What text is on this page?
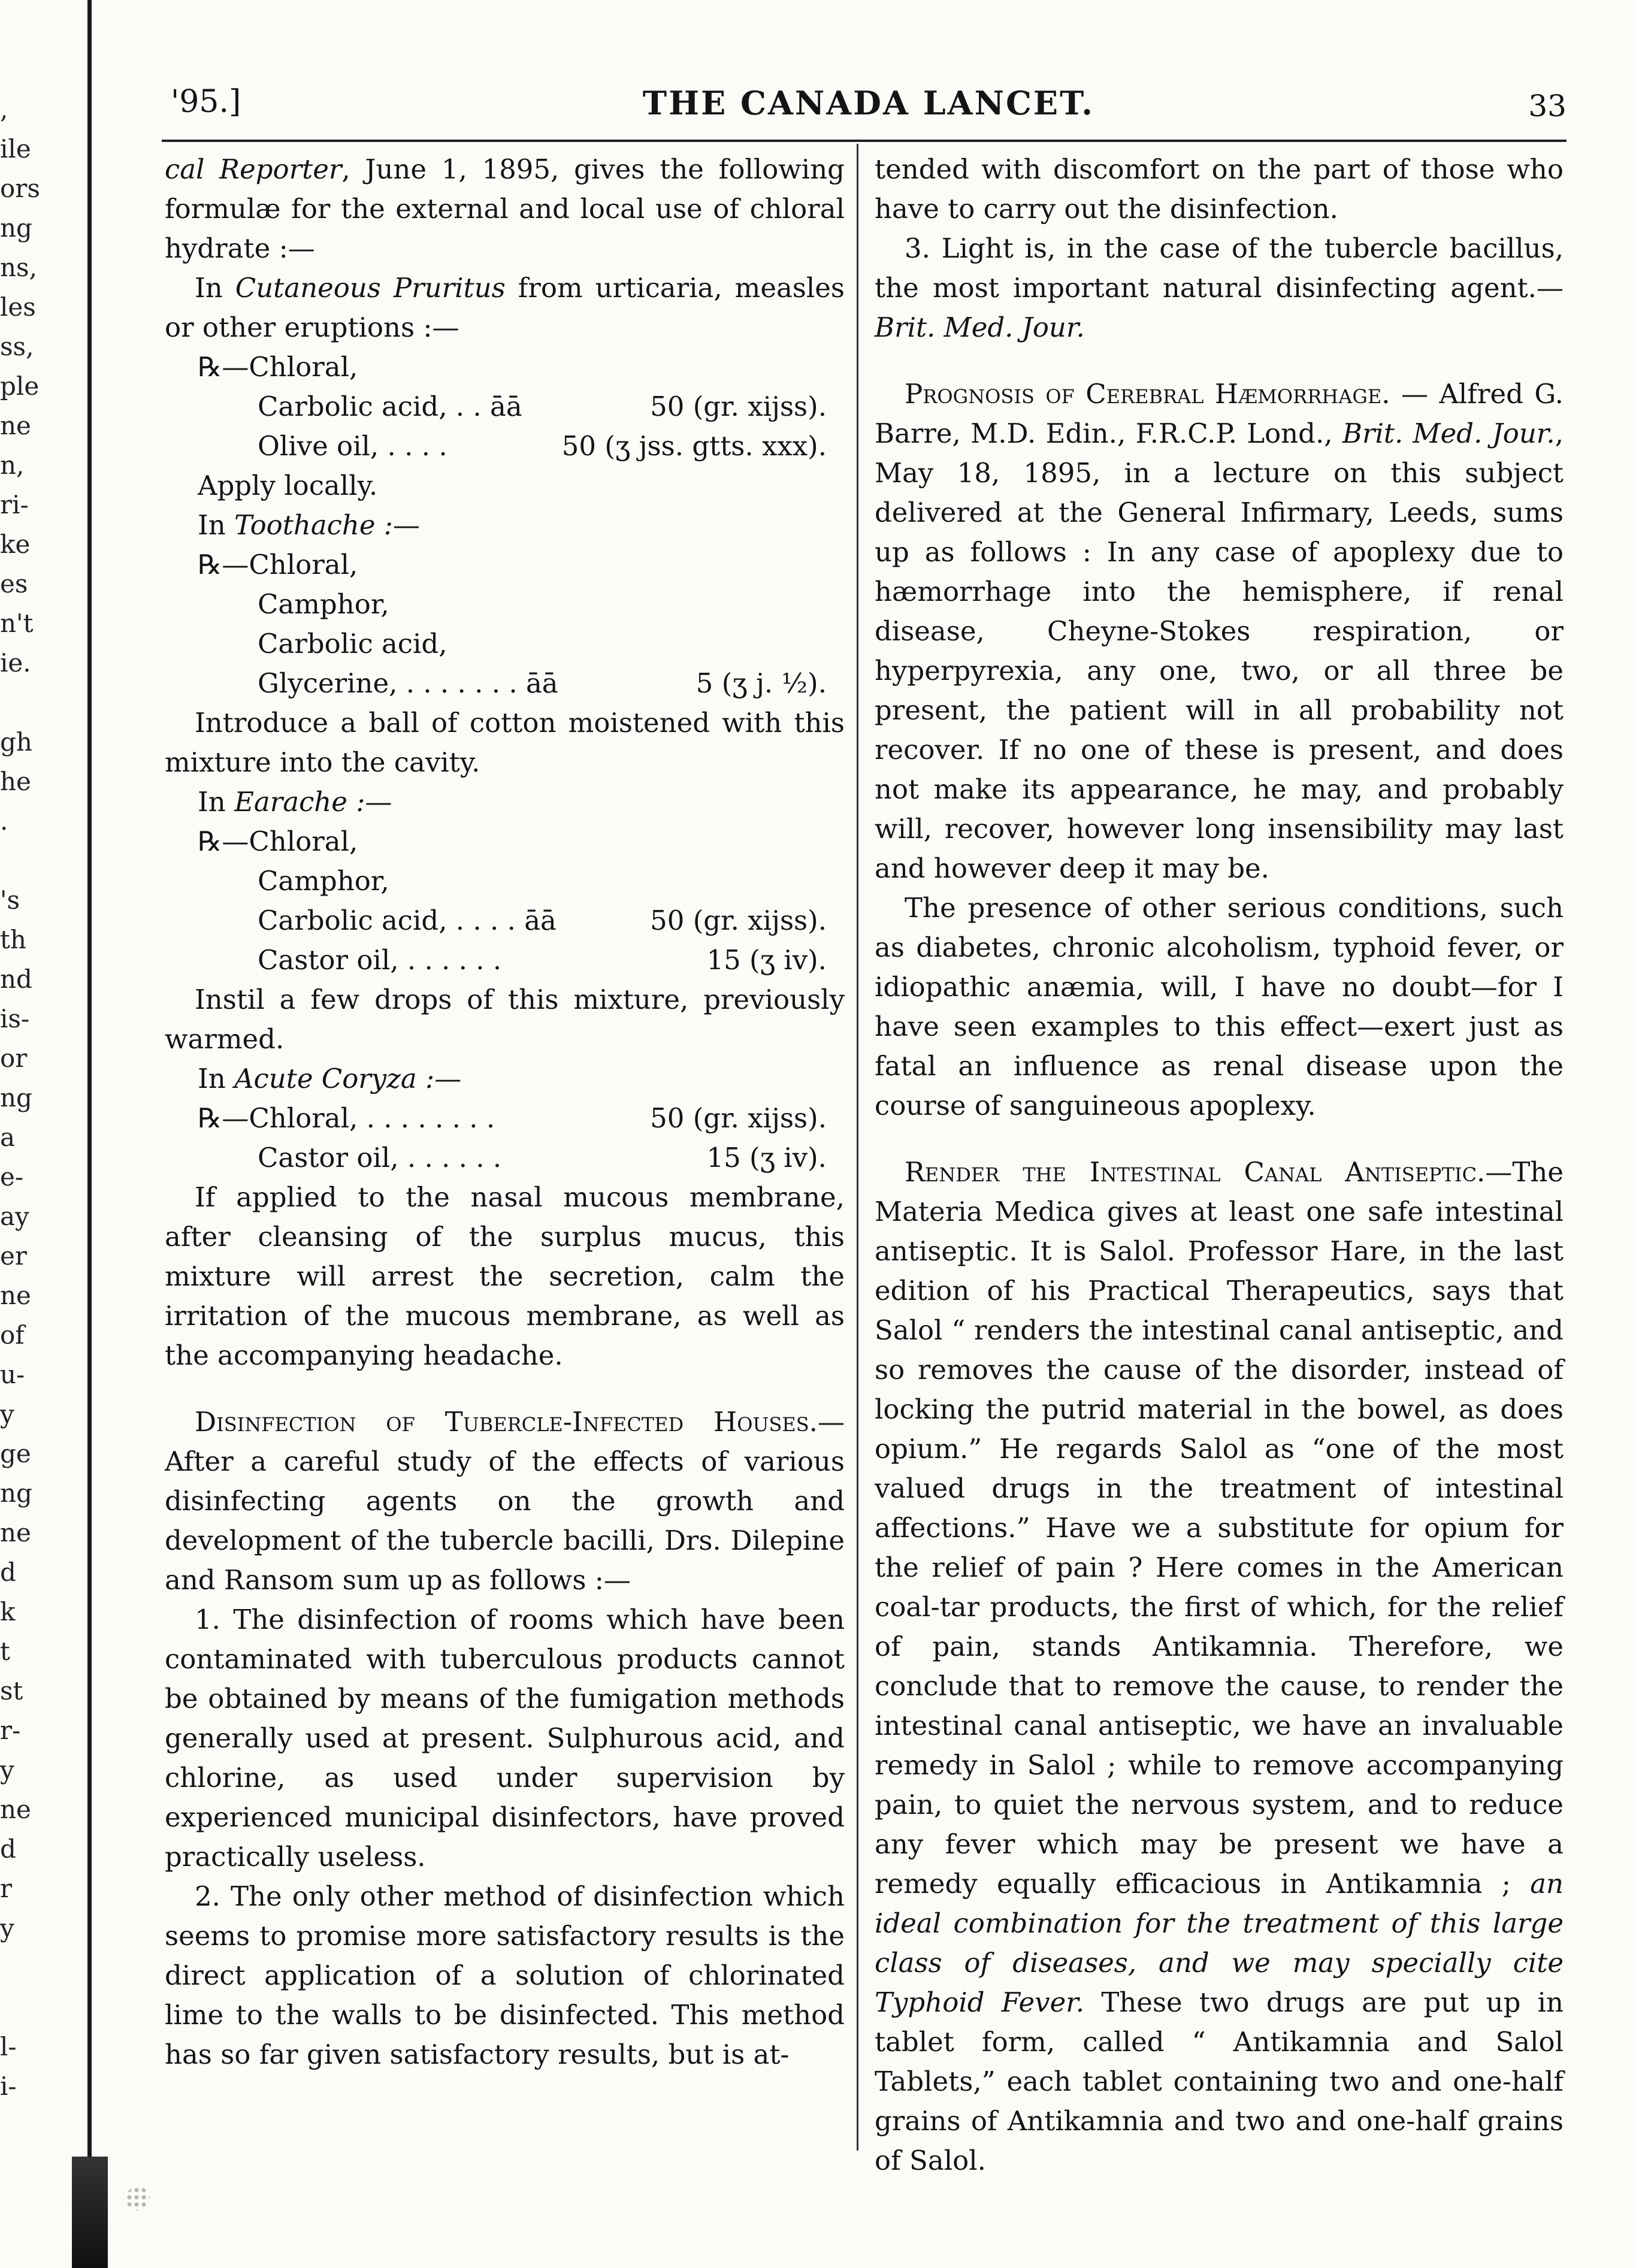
,
ile
ors
ng
ns,
les
ss,
ple
ne
n,
ri-
ke
es
n't
ie.

gh
he
.

's
th
nd
is-
or
ng
a
e-
ay
er
ne
of
u-
y
ge
ng
ne
d
k
t
st
r-
y
ne
d
r
y

l-
i-
'95.]	THE CANADA LANCET.	33

cal Reporter, June 1, 1895, gives the following formulæ for the external and local use of chloral hydrate :—

In Cutaneous Pruritus from urticaria, measles or other eruptions :—

℞—Chloral,
Carbolic acid, . . āā	50 (gr. xijss).
Olive oil, . . . .	50 (ʒ jss. gtts. xxx).

Apply locally.

In Toothache :—

℞—Chloral,
Camphor,
Carbolic acid,
Glycerine, . . . . . . . āā	5 (ʒ j. ½).

Introduce a ball of cotton moistened with this mixture into the cavity.

In Earache :—

℞—Chloral,
Camphor,
Carbolic acid, . . . . āā	50 (gr. xijss).
Castor oil, . . . . . .	15 (ʒ iv).

Instil a few drops of this mixture, previously warmed.

In Acute Coryza :—

℞—Chloral, . . . . . . . .	50 (gr. xijss).
Castor oil, . . . . . .	15 (ʒ iv).

If applied to the nasal mucous membrane, after cleansing of the surplus mucus, this mixture will arrest the secretion, calm the irritation of the mucous membrane, as well as the accompanying headache.

Disinfection of Tubercle-Infected Houses.—After a careful study of the effects of various disinfecting agents on the growth and development of the tubercle bacilli, Drs. Dilepine and Ransom sum up as follows :—

1. The disinfection of rooms which have been contaminated with tuberculous products cannot be obtained by means of the fumigation methods generally used at present. Sulphurous acid, and chlorine, as used under supervision by experienced municipal disinfectors, have proved practically useless.

2. The only other method of disinfection which seems to promise more satisfactory results is the direct application of a solution of chlorinated lime to the walls to be disinfected. This method has so far given satisfactory results, but is at-

tended with discomfort on the part of those who have to carry out the disinfection.

3. Light is, in the case of the tubercle bacillus, the most important natural disinfecting agent.—Brit. Med. Jour.

Prognosis of Cerebral Hæmorrhage. — Alfred G. Barre, M.D. Edin., F.R.C.P. Lond., Brit. Med. Jour., May 18, 1895, in a lecture on this subject delivered at the General Infirmary, Leeds, sums up as follows : In any case of apoplexy due to hæmorrhage into the hemisphere, if renal disease, Cheyne-Stokes respiration, or hyperpyrexia, any one, two, or all three be present, the patient will in all probability not recover. If no one of these is present, and does not make its appearance, he may, and probably will, recover, however long insensibility may last and however deep it may be.

The presence of other serious conditions, such as diabetes, chronic alcoholism, typhoid fever, or idiopathic anæmia, will, I have no doubt—for I have seen examples to this effect—exert just as fatal an influence as renal disease upon the course of sanguineous apoplexy.

Render the Intestinal Canal Antiseptic.—The Materia Medica gives at least one safe intestinal antiseptic. It is Salol. Professor Hare, in the last edition of his Practical Therapeutics, says that Salol “ renders the intestinal canal antiseptic, and so removes the cause of the disorder, instead of locking the putrid material in the bowel, as does opium.” He regards Salol as “one of the most valued drugs in the treatment of intestinal affections.” Have we a substitute for opium for the relief of pain ? Here comes in the American coal-tar products, the first of which, for the relief of pain, stands Antikamnia. Therefore, we conclude that to remove the cause, to render the intestinal canal antiseptic, we have an invaluable remedy in Salol ; while to remove accompanying pain, to quiet the nervous system, and to reduce any fever which may be present we have a remedy equally efficacious in Antikamnia ; an ideal combination for the treatment of this large class of diseases, and we may specially cite Typhoid Fever. These two drugs are put up in tablet form, called “ Antikamnia and Salol Tablets,” each tablet containing two and one-half grains of Antikamnia and two and one-half grains of Salol.
